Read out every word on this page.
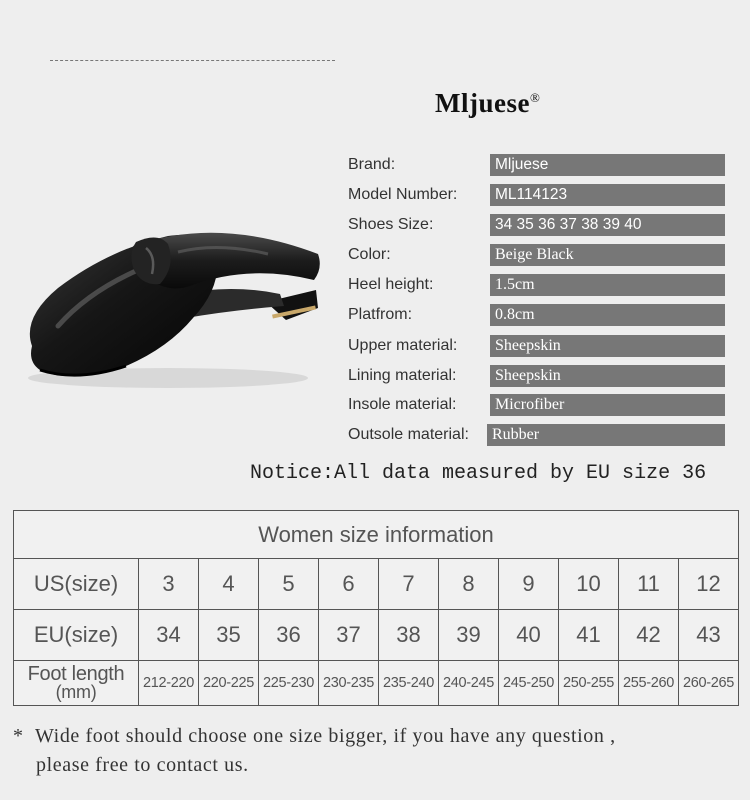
Mljuese®
Brand:	Mljuese
Model Number:	ML114123
Shoes Size:	34 35 36 37 38 39 40
Color:	Beige Black
Heel height:	1.5cm
Platfrom:	0.8cm
Upper material:	Sheepskin
Lining material:	Sheepskin
Insole material:	Microfiber
Outsole material:	Rubber
Notice:All data measured by EU size 36
Women size information										
US(size)	3	4	5	6	7	8	9	10	11	12
EU(size)	34	35	36	37	38	39	40	41	42	43
Foot length
(mm)	212-220	220-225	225-230	230-235	235-240	240-245	245-250	250-255	255-260	260-265
* Wide foot should choose one size bigger, if you have any question ,
please free to contact us.
